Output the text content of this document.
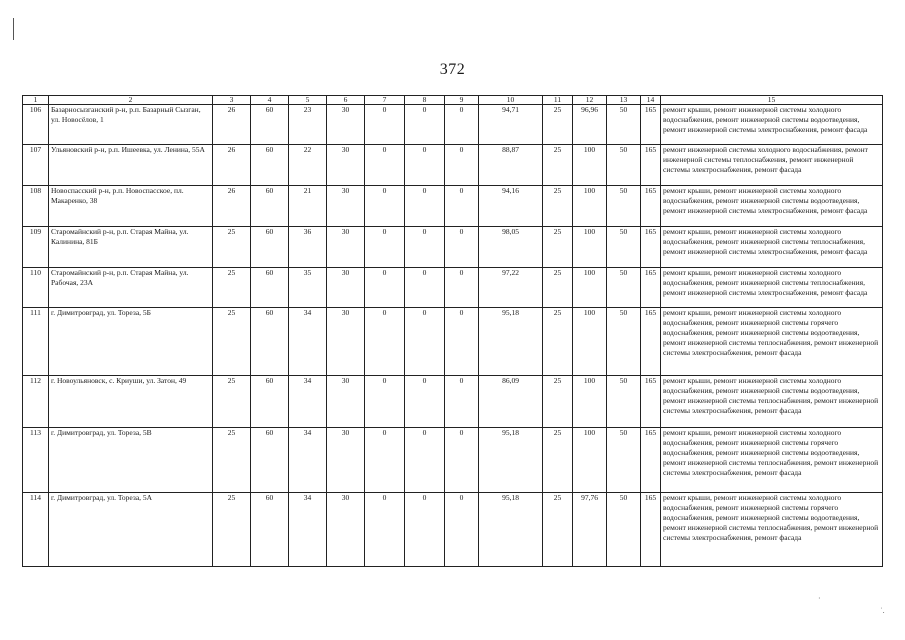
372
1	2	3	4	5	6	7	8	9	10	11	12	13	14	15
106	Базарносызганский р-н, р.п. Базарный Сызган, ул. Новосёлов, 1	26	60	23	30	0	0	0	94,71	25	96,96	50	165	ремонт крыши, ремонт инженерной системы холодного водоснабжения, ремонт инженерной системы водоотведения, ремонт инженерной системы электроснабжения, ремонт фасада
107	Ульяновский р-н, р.п. Ишеевка, ул. Ленина, 55А	26	60	22	30	0	0	0	88,87	25	100	50	165	ремонт инженерной системы холодного водоснабжения, ремонт инженерной системы теплоснабжения, ремонт инженерной системы электроснабжения, ремонт фасада
108	Новоспасский р-н, р.п. Новоспасское, пл. Макаренко, 38	26	60	21	30	0	0	0	94,16	25	100	50	165	ремонт крыши, ремонт инженерной системы холодного водоснабжения, ремонт инженерной системы водоотведения, ремонт инженерной системы электроснабжения, ремонт фасада
109	Старомайнский р-н, р.п. Старая Майна, ул. Калинина, 81Б	25	60	36	30	0	0	0	98,05	25	100	50	165	ремонт крыши, ремонт инженерной системы холодного водоснабжения, ремонт инженерной системы теплоснабжения, ремонт инженерной системы электроснабжения, ремонт фасада
110	Старомайнский р-н, р.п. Старая Майна, ул. Рабочая, 23А	25	60	35	30	0	0	0	97,22	25	100	50	165	ремонт крыши, ремонт инженерной системы холодного водоснабжения, ремонт инженерной системы теплоснабжения, ремонт инженерной системы электроснабжения, ремонт фасада
111	г. Димитровград, ул. Тореза, 5Б	25	60	34	30	0	0	0	95,18	25	100	50	165	ремонт крыши, ремонт инженерной системы холодного водоснабжения, ремонт инженерной системы горячего водоснабжения, ремонт инженерной системы водоотведения, ремонт инженерной системы теплоснабжения, ремонт инженерной системы электроснабжения, ремонт фасада
112	г. Новоульяновск, с. Криуши, ул. Затон, 49	25	60	34	30	0	0	0	86,09	25	100	50	165	ремонт крыши, ремонт инженерной системы холодного водоснабжения, ремонт инженерной системы водоотведения, ремонт инженерной системы теплоснабжения, ремонт инженерной системы электроснабжения, ремонт фасада
113	г. Димитровград, ул. Тореза, 5В	25	60	34	30	0	0	0	95,18	25	100	50	165	ремонт крыши, ремонт инженерной системы холодного водоснабжения, ремонт инженерной системы горячего водоснабжения, ремонт инженерной системы водоотведения, ремонт инженерной системы теплоснабжения, ремонт инженерной системы электроснабжения, ремонт фасада
114	г. Димитровград, ул. Тореза, 5А	25	60	34	30	0	0	0	95,18	25	97,76	50	165	ремонт крыши, ремонт инженерной системы холодного водоснабжения, ремонт инженерной системы горячего водоснабжения, ремонт инженерной системы водоотведения, ремонт инженерной системы теплоснабжения, ремонт инженерной системы электроснабжения, ремонт фасада
·
˙.
